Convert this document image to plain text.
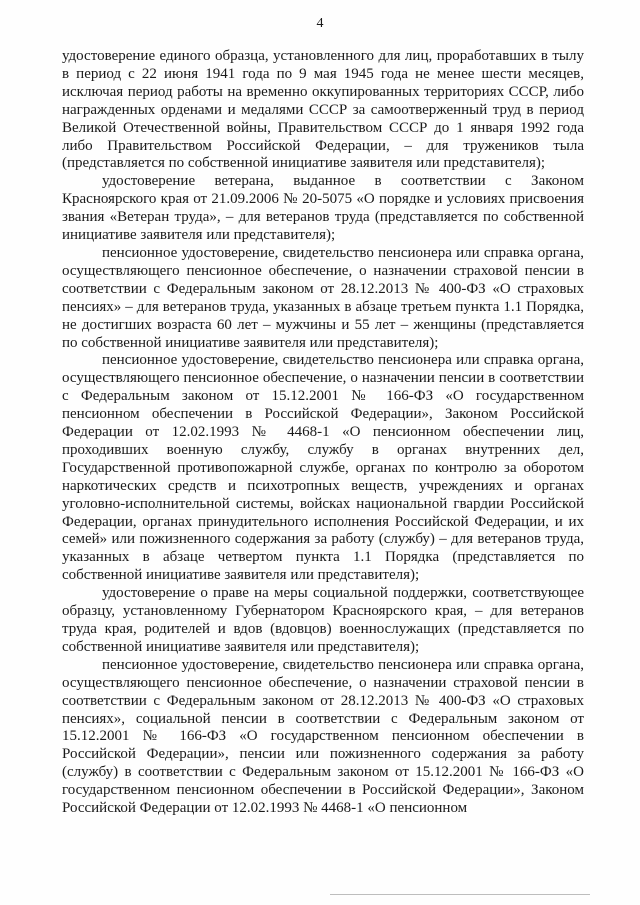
4

удостоверение единого образца, установленного для лиц, проработавших в тылу в период с 22 июня 1941 года по 9 мая 1945 года не менее шести месяцев, исключая период работы на временно оккупированных территориях СССР, либо награжденных орденами и медалями СССР за самоотверженный труд в период Великой Отечественной войны, Правительством СССР до 1 января 1992 года либо Правительством Российской Федерации, – для тружеников тыла (представляется по собственной инициативе заявителя или представителя);

удостоверение ветерана, выданное в соответствии с Законом Красноярского края от 21.09.2006 № 20-5075 «О порядке и условиях присвоения звания «Ветеран труда», – для ветеранов труда (представляется по собственной инициативе заявителя или представителя);

пенсионное удостоверение, свидетельство пенсионера или справка органа, осуществляющего пенсионное обеспечение, о назначении страховой пенсии в соответствии с Федеральным законом от 28.12.2013 № 400-ФЗ «О страховых пенсиях» – для ветеранов труда, указанных в абзаце третьем пункта 1.1 Порядка, не достигших возраста 60 лет – мужчины и 55 лет – женщины (представляется по собственной инициативе заявителя или представителя);

пенсионное удостоверение, свидетельство пенсионера или справка органа, осуществляющего пенсионное обеспечение, о назначении пенсии в соответствии с Федеральным законом от 15.12.2001 № 166-ФЗ «О государственном пенсионном обеспечении в Российской Федерации», Законом Российской Федерации от 12.02.1993 № 4468-1 «О пенсионном обеспечении лиц, проходивших военную службу, службу в органах внутренних дел, Государственной противопожарной службе, органах по контролю за оборотом наркотических средств и психотропных веществ, учреждениях и органах уголовно-исполнительной системы, войсках национальной гвардии Российской Федерации, органах принудительного исполнения Российской Федерации, и их семей» или пожизненного содержания за работу (службу) – для ветеранов труда, указанных в абзаце четвертом пункта 1.1 Порядка (представляется по собственной инициативе заявителя или представителя);

удостоверение о праве на меры социальной поддержки, соответствующее образцу, установленному Губернатором Красноярского края, – для ветеранов труда края, родителей и вдов (вдовцов) военнослужащих (представляется по собственной инициативе заявителя или представителя);

пенсионное удостоверение, свидетельство пенсионера или справка органа, осуществляющего пенсионное обеспечение, о назначении страховой пенсии в соответствии с Федеральным законом от 28.12.2013 № 400-ФЗ «О страховых пенсиях», социальной пенсии в соответствии с Федеральным законом от 15.12.2001 № 166-ФЗ «О государственном пенсионном обеспечении в Российской Федерации», пенсии или пожизненного содержания за работу (службу) в соответствии с Федеральным законом от 15.12.2001 № 166-ФЗ «О государственном пенсионном обеспечении в Российской Федерации», Законом Российской Федерации от 12.02.1993 № 4468-1 «О пенсионном
